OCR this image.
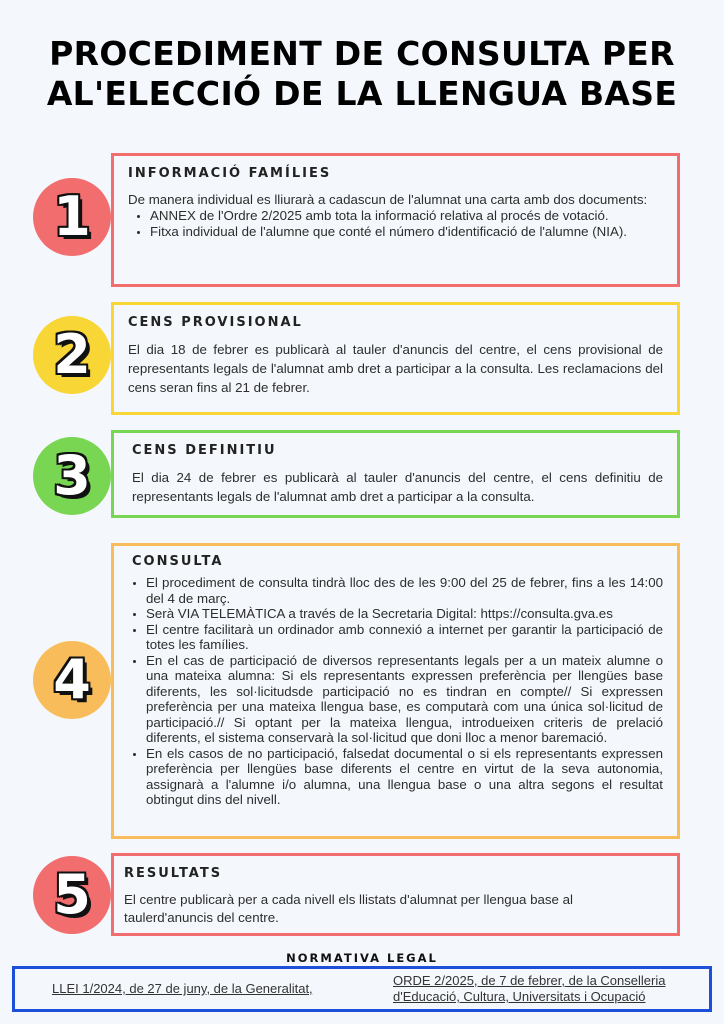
PROCEDIMENT DE CONSULTA PER
AL'ELECCIÓ DE LA LLENGUA BASE
1
INFORMACIÓ FAMÍLIES

De manera individual es lliurarà a cadascun de l'alumnat una carta amb dos documents:

• ANNEX de l'Ordre 2/2025 amb tota la informació relativa al procés de votació.
• Fitxa individual de l'alumne que conté el número d'identificació de l'alumne (NIA).
2
CENS PROVISIONAL

El dia 18 de febrer es publicarà al tauler d'anuncis del centre, el cens provisional de representants legals de l'alumnat amb dret a participar a la consulta. Les reclamacions del cens seran fins al 21 de febrer.

3	CENS DEFINITIU

El dia 24 de febrer es publicarà al tauler d'anuncis del centre, el cens definitiu de representants legals de l'alumnat amb dret a participar a la consulta.

4
CONSULTA
• El procediment de consulta tindrà lloc des de les 9:00 del 25 de febrer, fins a les 14:00 del 4 de març.
• Serà VIA TELEMÀTICA a través de la Secretaria Digital: https://consulta.gva.es
• El centre facilitarà un ordinador amb connexió a internet per garantir la participació de totes les famílies.
• En el cas de participació de diversos representants legals per a un mateix alumne o una mateixa alumna: Si els representants expressen preferència per llengües base diferents, les sol·licitudsde participació no es tindran en compte// Si expressen preferència per una mateixa llengua base, es computarà com una única sol·licitud de participació.// Si optant per la mateixa llengua, introdueixen criteris de prelació diferents, el sistema conservarà la sol·licitud que doni lloc a menor baremació.
• En els casos de no participació, falsedat documental o si els representants expressen preferència per llengües base diferents el centre en virtut de la seva autonomia, assignarà a l'alumne i/o alumna, una llengua base o una altra segons el resultat obtingut dins del nivell.
5	RESULTATS

El centre publicarà per a cada nivell els llistats d'alumnat per llengua base al taulerd'anuncis del centre.

NORMATIVA LEGAL
LLEI 1/2024, de 27 de juny, de la Generalitat,
ORDE 2/2025, de 7 de febrer, de la Conselleria
d'Educació, Cultura, Universitats i Ocupació
